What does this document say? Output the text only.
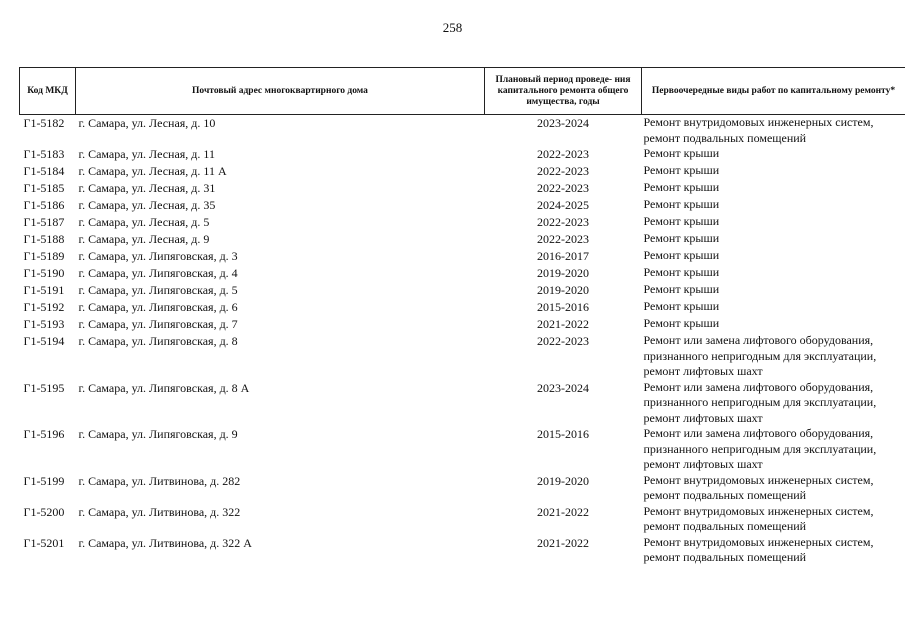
258
Код МКД	Почтовый адрес многоквартирного дома	Плановый период проведе- ния капитального ремонта общего имущества, годы	Первоочередные виды работ по капитальному ремонту*
Г1-5182	г. Самара, ул. Лесная, д. 10	2023-2024	Ремонт внутридомовых инженерных систем,
ремонт подвальных помещений

Г1-5183	г. Самара, ул. Лесная, д. 11	2022-2023	Ремонт крыши

Г1-5184	г. Самара, ул. Лесная, д. 11 А	2022-2023	Ремонт крыши

Г1-5185	г. Самара, ул. Лесная, д. 31	2022-2023	Ремонт крыши

Г1-5186	г. Самара, ул. Лесная, д. 35	2024-2025	Ремонт крыши

Г1-5187	г. Самара, ул. Лесная, д. 5	2022-2023	Ремонт крыши

Г1-5188	г. Самара, ул. Лесная, д. 9	2022-2023	Ремонт крыши

Г1-5189	г. Самара, ул. Липяговская, д. 3	2016-2017	Ремонт крыши

Г1-5190	г. Самара, ул. Липяговская, д. 4	2019-2020	Ремонт крыши

Г1-5191	г. Самара, ул. Липяговская, д. 5	2019-2020	Ремонт крыши

Г1-5192	г. Самара, ул. Липяговская, д. 6	2015-2016	Ремонт крыши

Г1-5193	г. Самара, ул. Липяговская, д. 7	2021-2022	Ремонт крыши

Г1-5194	г. Самара, ул. Липяговская, д. 8	2022-2023	Ремонт или замена лифтового оборудования,
признанного непригодным для эксплуатации,
ремонт лифтовых шахт

Г1-5195	г. Самара, ул. Липяговская, д. 8 А	2023-2024	Ремонт или замена лифтового оборудования,
признанного непригодным для эксплуатации,
ремонт лифтовых шахт

Г1-5196	г. Самара, ул. Липяговская, д. 9	2015-2016	Ремонт или замена лифтового оборудования,
признанного непригодным для эксплуатации,
ремонт лифтовых шахт

Г1-5199	г. Самара, ул. Литвинова, д. 282	2019-2020	Ремонт внутридомовых инженерных систем,
ремонт подвальных помещений

Г1-5200	г. Самара, ул. Литвинова, д. 322	2021-2022	Ремонт внутридомовых инженерных систем,
ремонт подвальных помещений

Г1-5201	г. Самара, ул. Литвинова, д. 322 А	2021-2022	Ремонт внутридомовых инженерных систем,
ремонт подвальных помещений
